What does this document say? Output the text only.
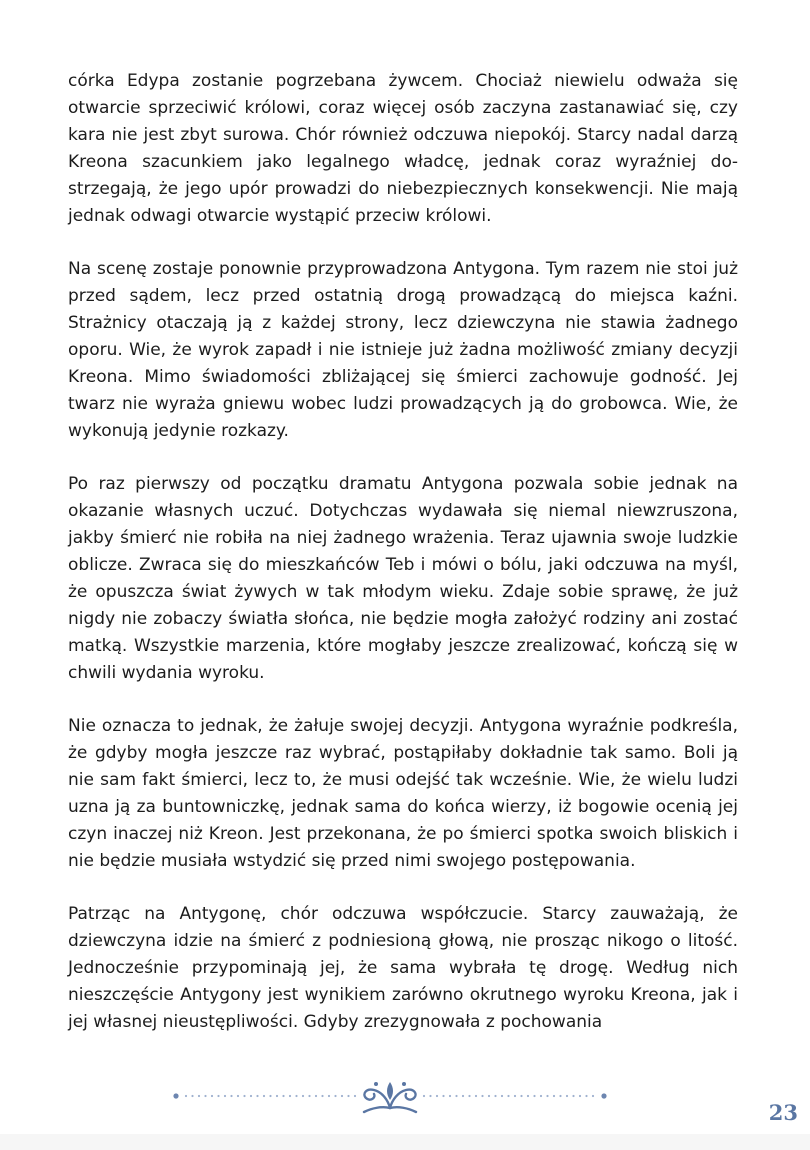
córka Edypa zostanie pogrzebana żywcem. Chociaż niewielu odważa się otwarcie sprzeciwić królowi, coraz więcej osób zaczyna zastanawiać się, czy kara nie jest zbyt surowa. Chór również odczuwa niepokój. Starcy nadal darzą Kreona szacunkiem jako legalnego władcę, jednak coraz wyraźniej dostrzegają, że jego upór prowadzi do niebezpiecznych konsekwencji. Nie mają jednak odwagi otwarcie wystąpić przeciw królowi.

Na scenę zostaje ponownie przyprowadzona Antygona. Tym razem nie stoi już przed sądem, lecz przed ostatnią drogą prowadzącą do miejsca kaźni. Strażnicy otaczają ją z każdej strony, lecz dziewczyna nie stawia żadnego oporu. Wie, że wyrok zapadł i nie istnieje już żadna możliwość zmiany decyzji Kreona. Mimo świadomości zbliżającej się śmierci zachowuje godność. Jej twarz nie wyraża gniewu wobec ludzi prowadzących ją do grobowca. Wie, że wykonują jedynie rozkazy.

Po raz pierwszy od początku dramatu Antygona pozwala sobie jednak na okazanie własnych uczuć. Dotychczas wydawała się niemal niewzruszona, jakby śmierć nie robiła na niej żadnego wrażenia. Teraz ujawnia swoje ludzkie oblicze. Zwraca się do mieszkańców Teb i mówi o bólu, jaki odczuwa na myśl, że opuszcza świat żywych w tak młodym wieku. Zdaje sobie sprawę, że już nigdy nie zobaczy światła słońca, nie będzie mogła założyć rodziny ani zostać matką. Wszystkie marzenia, które mogłaby jeszcze zrealizować, kończą się w chwili wydania wyroku.

Nie oznacza to jednak, że żałuje swojej decyzji. Antygona wyraźnie podkreśla, że gdyby mogła jeszcze raz wybrać, postąpiłaby dokładnie tak samo. Boli ją nie sam fakt śmierci, lecz to, że musi odejść tak wcześnie. Wie, że wielu ludzi uzna ją za buntowniczkę, jednak sama do końca wierzy, iż bogowie ocenią jej czyn inaczej niż Kreon. Jest przekonana, że po śmierci spotka swoich bliskich i nie będzie musiała wstydzić się przed nimi swojego postępowania.

Patrząc na Antygonę, chór odczuwa współczucie. Starcy zauważają, że dziewczyna idzie na śmierć z podniesioną głową, nie prosząc nikogo o litość. Jednocześnie przypominają jej, że sama wybrała tę drogę. Według nich nieszczęście Antygony jest wynikiem zarówno okrutnego wyroku Kreona, jak i jej własnej nieustępliwości. Gdyby zrezygnowała z pochowania

23
